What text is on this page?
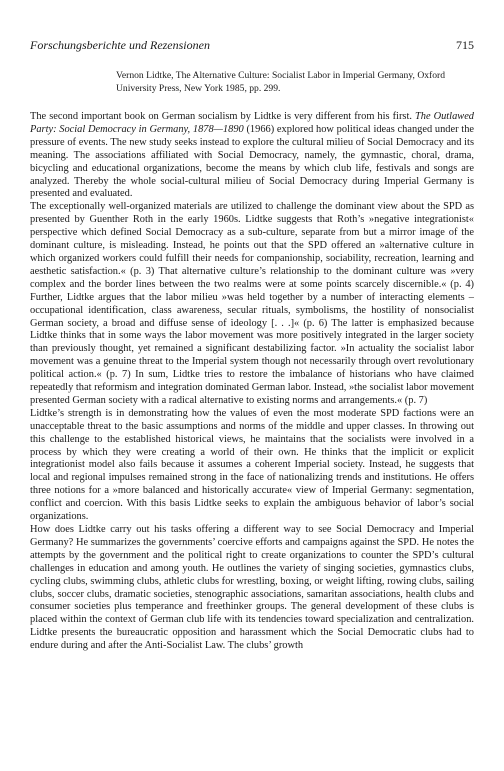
Forschungsberichte und Rezensionen	715
Vernon Lidtke, The Alternative Culture: Socialist Labor in Imperial Germany, Oxford University Press, New York 1985, pp. 299.

The second important book on German socialism by Lidtke is very different from his first. The Outlawed Party: Social Democracy in Germany, 1878—1890 (1966) explored how political ideas changed under the pressure of events. The new study seeks instead to explore the cultural milieu of Social Democracy and its meaning. The associations affiliated with Social Democracy, namely, the gymnastic, choral, drama, bicycling and educational organizations, become the means by which club life, festivals and songs are analyzed. Thereby the whole social-cultural milieu of Social Democracy during Imperial Germany is presented and evaluated.

The exceptionally well-organized materials are utilized to challenge the dominant view about the SPD as presented by Guenther Roth in the early 1960s. Lidtke suggests that Roth’s »negative integrationist« perspective which defined Social Democracy as a sub-culture, separate from but a mirror image of the dominant culture, is misleading. Instead, he points out that the SPD offered an »alternative culture in which organized workers could fulfill their needs for companionship, sociability, recreation, learning and aesthetic satisfaction.« (p. 3) That alternative culture’s relationship to the dominant culture was »very complex and the border lines between the two realms were at some points scarcely discernible.« (p. 4) Further, Lidtke argues that the labor milieu »was held together by a number of interacting elements – occupational identification, class awareness, secular rituals, symbolisms, the hostility of nonsocialist German society, a broad and diffuse sense of ideology [. . .]« (p. 6) The latter is emphasized because Lidtke thinks that in some ways the labor movement was more positively integrated in the larger society than previously thought, yet remained a significant destabilizing factor. »In actuality the socialist labor movement was a genuine threat to the Imperial system though not necessarily through overt revolutionary political action.« (p. 7) In sum, Lidtke tries to restore the imbalance of historians who have claimed repeatedly that reformism and integration dominated German labor. Instead, »the socialist labor movement presented German society with a radical alternative to existing norms and arrangements.« (p. 7)

Lidtke’s strength is in demonstrating how the values of even the most moderate SPD factions were an unacceptable threat to the basic assumptions and norms of the middle and upper classes. In throwing out this challenge to the established historical views, he maintains that the socialists were involved in a process by which they were creating a world of their own. He thinks that the implicit or explicit integrationist model also fails because it assumes a coherent Imperial society. Instead, he suggests that local and regional impulses remained strong in the face of nationalizing trends and institutions. He offers three notions for a »more balanced and historically accurate« view of Imperial Germany: segmentation, conflict and coercion. With this basis Lidtke seeks to explain the ambiguous behavior of labor’s social organizations.

How does Lidtke carry out his tasks offering a different way to see Social Democracy and Imperial Germany? He summarizes the governments’ coercive efforts and campaigns against the SPD. He notes the attempts by the government and the political right to create organizations to counter the SPD’s cultural challenges in education and among youth. He outlines the variety of singing societies, gymnastics clubs, cycling clubs, swimming clubs, athletic clubs for wrestling, boxing, or weight lifting, rowing clubs, sailing clubs, soccer clubs, dramatic societies, stenographic associations, samaritan associations, health clubs and consumer societies plus temperance and freethinker groups. The general development of these clubs is placed within the context of German club life with its tendencies toward specialization and centralization. Lidtke presents the bureaucratic opposition and harassment which the Social Democratic clubs had to endure during and after the Anti-Socialist Law. The clubs’ growth
